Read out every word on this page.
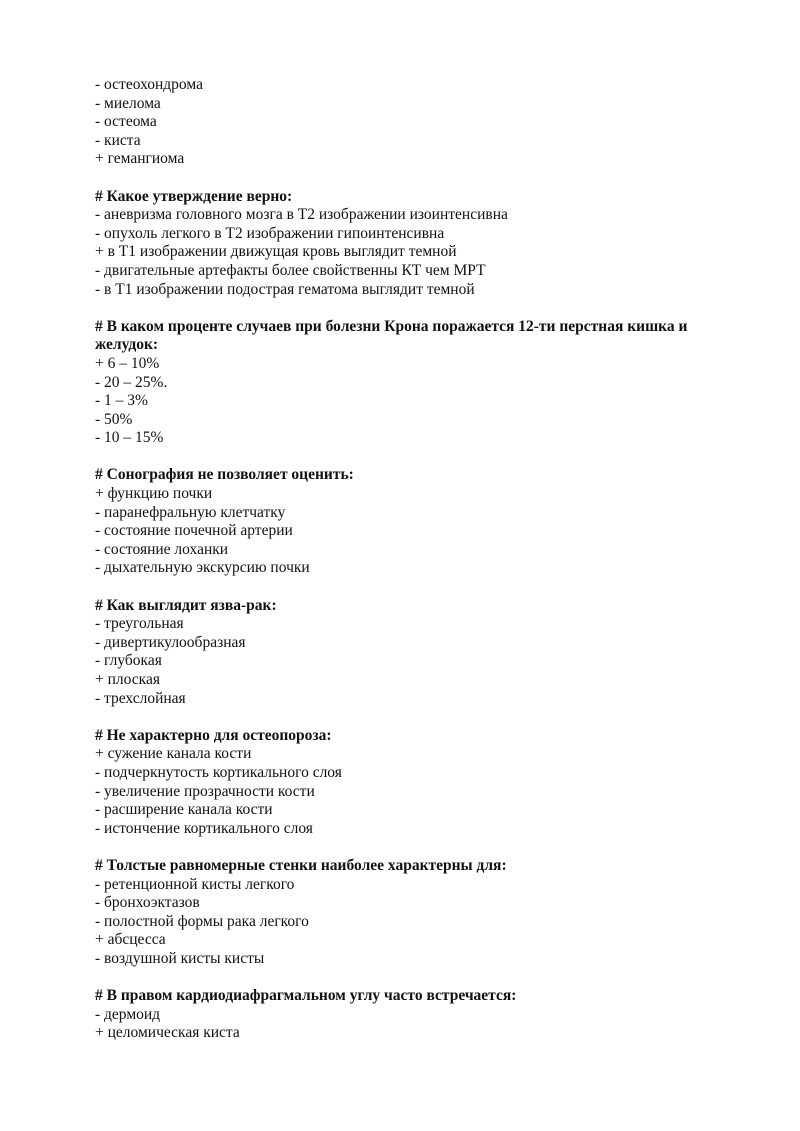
- остеохондрома
- миелома
- остеома
- киста
+ гемангиома
# Какое утверждение верно:
- аневризма головного мозга в Т2 изображении изоинтенсивна
- опухоль легкого в Т2 изображении гипоинтенсивна
+ в Т1 изображении движущая кровь выглядит темной
- двигательные артефакты более свойственны КТ чем МРТ
- в Т1 изображении подострая гематома выглядит темной
# В каком проценте случаев при болезни Крона поражается 12-ти перстная кишка и желудок:
+ 6 – 10%
- 20 – 25%.
- 1 – 3%
- 50%
- 10 – 15%
# Сонография не позволяет оценить:
+ функцию почки
- паранефральную клетчатку
- состояние почечной артерии
- состояние лоханки
- дыхательную экскурсию почки
# Как выглядит язва-рак:
- треугольная
- дивертикулообразная
- глубокая
+ плоская
- трехслойная
# Не характерно для остеопороза:
+ сужение канала кости
- подчеркнутость кортикального слоя
- увеличение прозрачности кости
- расширение канала кости
- истончение кортикального слоя
# Толстые равномерные стенки наиболее характерны для:
- ретенционной кисты легкого
- бронхоэктазов
- полостной формы рака легкого
+ абсцесса
- воздушной кисты кисты
# В правом кардиодиафрагмальном углу часто встречается:
- дермоид
+ целомическая киста
